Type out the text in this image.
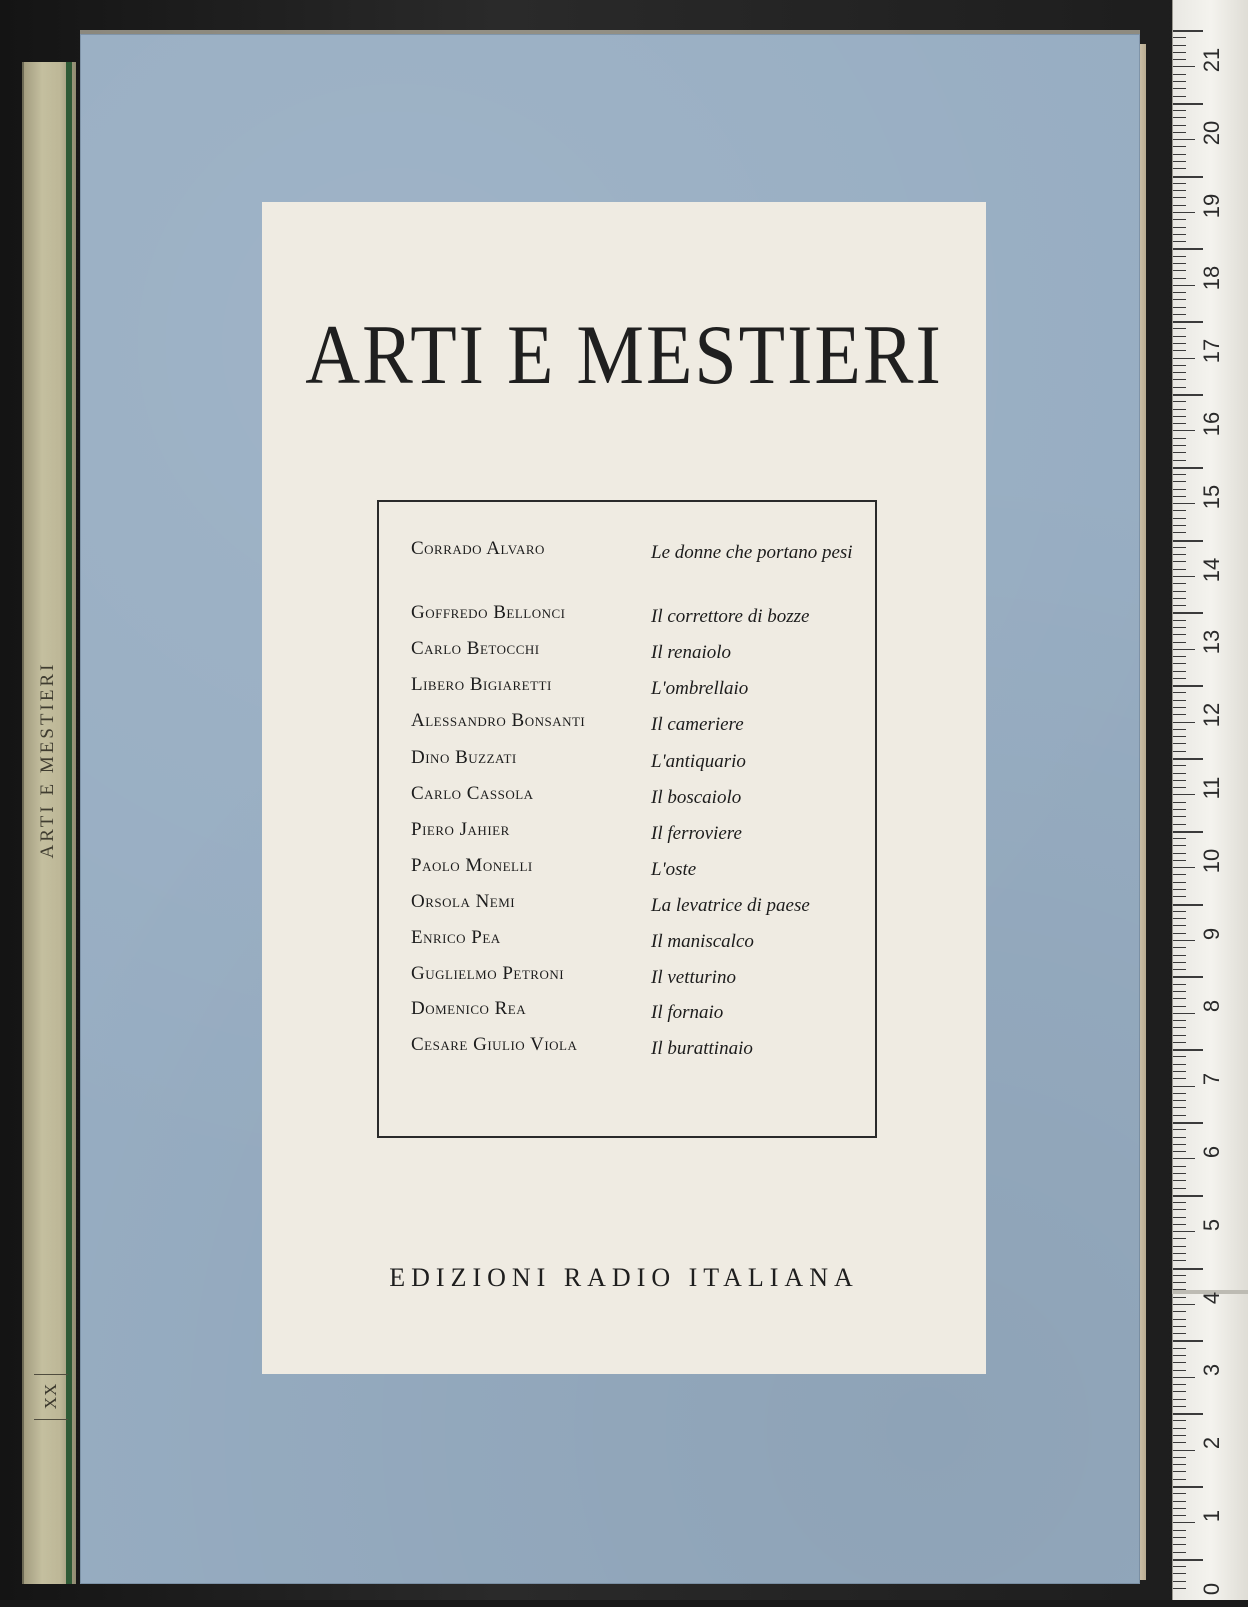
ARTI E MESTIERI
XX
ARTI E MESTIERI
Corrado Alvaro	Le donne che portano pesi
Goffredo Bellonci	Il correttore di bozze
Carlo Betocchi	Il renaiolo
Libero Bigiaretti	L'ombrellaio
Alessandro Bonsanti	Il cameriere
Dino Buzzati	L'antiquario
Carlo Cassola	Il boscaiolo
Piero Jahier	Il ferroviere
Paolo Monelli	L'oste
Orsola Nemi	La levatrice di paese
Enrico Pea	Il maniscalco
Guglielmo Petroni	Il vetturino
Domenico Rea	Il fornaio
Cesare Giulio Viola	Il burattinaio
EDIZIONI RADIO ITALIANA
21
20
19
18
17
16
15
14
13
12
11
10
9
8
7
6
5
4
3
2
1
0
